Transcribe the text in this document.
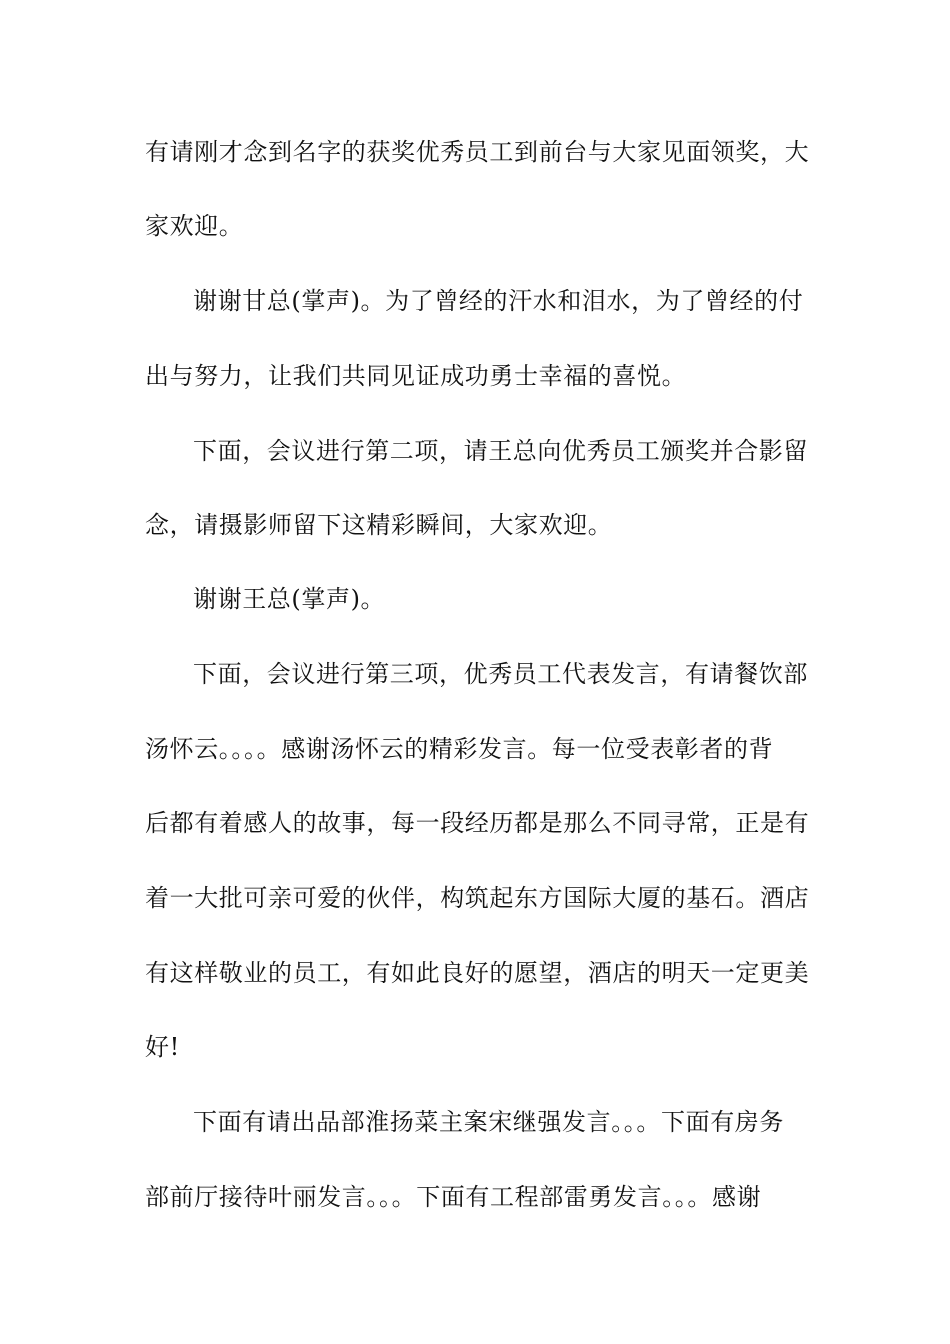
有请刚才念到名字的获奖优秀员工到前台与大家见面领奖，大
家欢迎。
谢谢甘总(掌声)。为了曾经的汗水和泪水，为了曾经的付
出与努力，让我们共同见证成功勇士幸福的喜悦。
下面，会议进行第二项，请王总向优秀员工颁奖并合影留
念，请摄影师留下这精彩瞬间，大家欢迎。
谢谢王总(掌声)。
下面，会议进行第三项，优秀员工代表发言，有请餐饮部
汤怀云。。。。感谢汤怀云的精彩发言。每一位受表彰者的背
后都有着感人的故事，每一段经历都是那么不同寻常，正是有
着一大批可亲可爱的伙伴，构筑起东方国际大厦的基石。酒店
有这样敬业的员工，有如此良好的愿望，酒店的明天一定更美
好!
下面有请出品部淮扬菜主案宋继强发言。。。下面有房务
部前厅接待叶丽发言。。。下面有工程部雷勇发言。。。感谢
